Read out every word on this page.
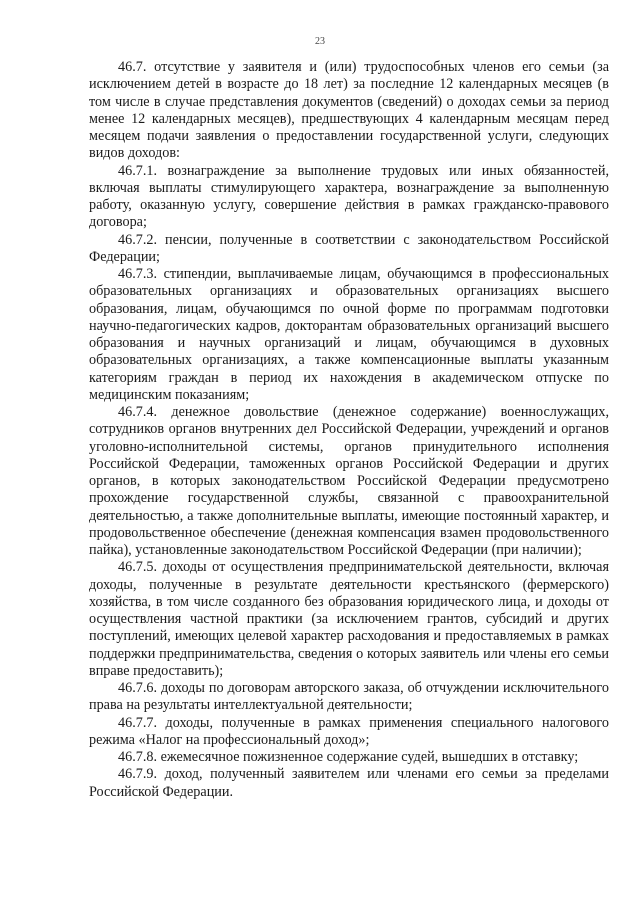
23

46.7. отсутствие у заявителя и (или) трудоспособных членов его семьи (за исключением детей в возрасте до 18 лет) за последние 12 календарных месяцев (в том числе в случае представления документов (сведений) о доходах семьи за период менее 12 календарных месяцев), предшествующих 4 календарным месяцам перед месяцем подачи заявления о предоставлении государственной услуги, следующих видов доходов:

46.7.1. вознаграждение за выполнение трудовых или иных обязанностей, включая выплаты стимулирующего характера, вознаграждение за выполненную работу, оказанную услугу, совершение действия в рамках гражданско-правового договора;

46.7.2. пенсии, полученные в соответствии с законодательством Российской Федерации;

46.7.3. стипендии, выплачиваемые лицам, обучающимся в профессиональных образовательных организациях и образовательных организациях высшего образования, лицам, обучающимся по очной форме по программам подготовки научно-педагогических кадров, докторантам образовательных организаций высшего образования и научных организаций и лицам, обучающимся в духовных образовательных организациях, а также компенсационные выплаты указанным категориям граждан в период их нахождения в академическом отпуске по медицинским показаниям;

46.7.4. денежное довольствие (денежное содержание) военнослужащих, сотрудников органов внутренних дел Российской Федерации, учреждений и органов уголовно-исполнительной системы, органов принудительного исполнения Российской Федерации, таможенных органов Российской Федерации и других органов, в которых законодательством Российской Федерации предусмотрено прохождение государственной службы, связанной с правоохранительной деятельностью, а также дополнительные выплаты, имеющие постоянный характер, и продовольственное обеспечение (денежная компенсация взамен продовольственного пайка), установленные законодательством Российской Федерации (при наличии);

46.7.5. доходы от осуществления предпринимательской деятельности, включая доходы, полученные в результате деятельности крестьянского (фермерского) хозяйства, в том числе созданного без образования юридического лица, и доходы от осуществления частной практики (за исключением грантов, субсидий и других поступлений, имеющих целевой характер расходования и предоставляемых в рамках поддержки предпринимательства, сведения о которых заявитель или члены его семьи вправе предоставить);

46.7.6. доходы по договорам авторского заказа, об отчуждении исключительного права на результаты интеллектуальной деятельности;

46.7.7. доходы, полученные в рамках применения специального налогового режима «Налог на профессиональный доход»;

46.7.8. ежемесячное пожизненное содержание судей, вышедших в отставку;

46.7.9. доход, полученный заявителем или членами его семьи за пределами Российской Федерации.
